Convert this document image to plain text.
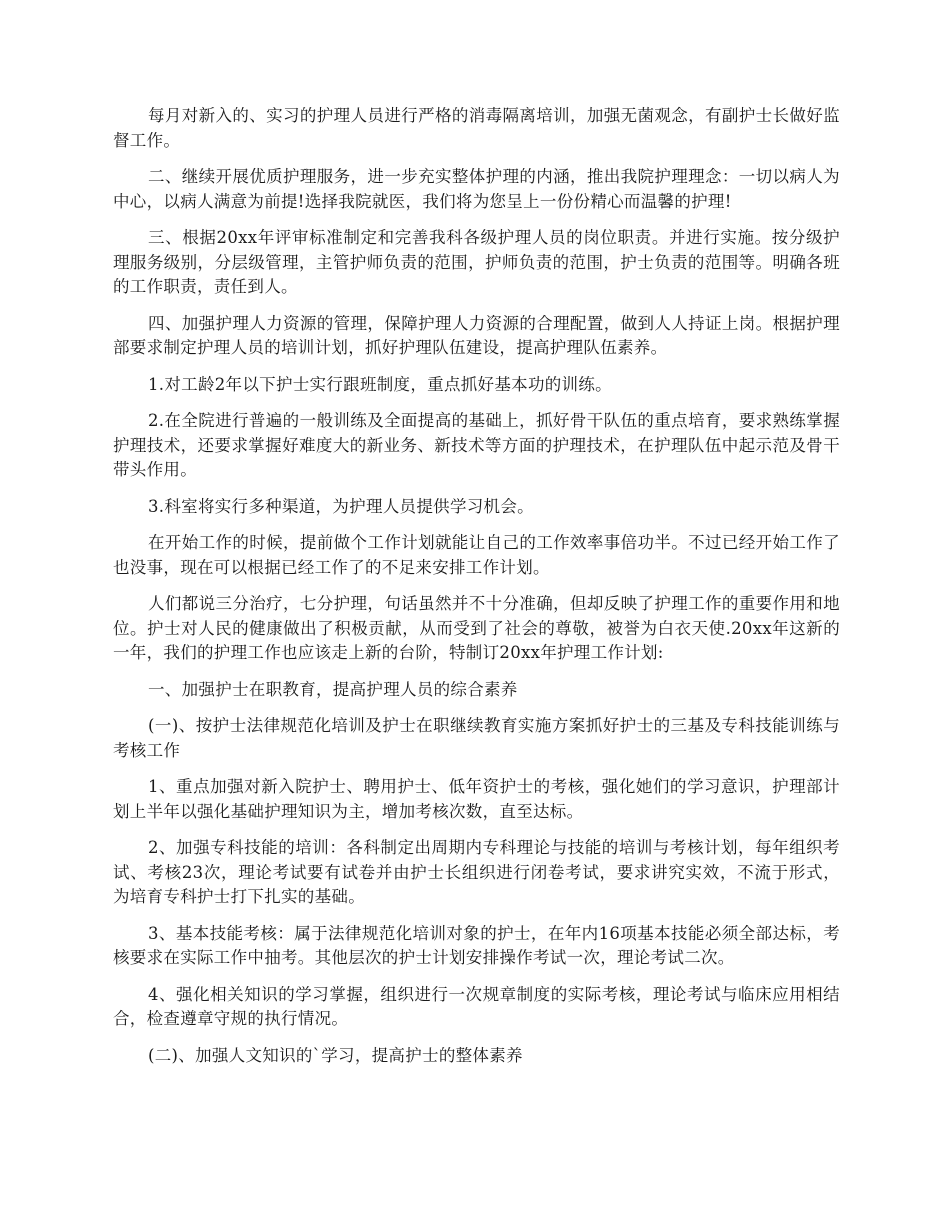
每月对新入的、实习的护理人员进行严格的消毒隔离培训，加强无菌观念，有副护士长做好监督工作。

二、继续开展优质护理服务，进一步充实整体护理的内涵，推出我院护理理念：一切以病人为中心，以病人满意为前提!选择我院就医，我们将为您呈上一份份精心而温馨的护理!

三、根据20xx年评审标准制定和完善我科各级护理人员的岗位职责。并进行实施。按分级护理服务级别，分层级管理，主管护师负责的范围，护师负责的范围，护士负责的范围等。明确各班的工作职责，责任到人。

四、加强护理人力资源的管理，保障护理人力资源的合理配置，做到人人持证上岗。根据护理部要求制定护理人员的培训计划，抓好护理队伍建设，提高护理队伍素养。

1.对工龄2年以下护士实行跟班制度，重点抓好基本功的训练。

2.在全院进行普遍的一般训练及全面提高的基础上，抓好骨干队伍的重点培育，要求熟练掌握护理技术，还要求掌握好难度大的新业务、新技术等方面的护理技术，在护理队伍中起示范及骨干带头作用。

3.科室将实行多种渠道，为护理人员提供学习机会。

在开始工作的时候，提前做个工作计划就能让自己的工作效率事倍功半。不过已经开始工作了也没事，现在可以根据已经工作了的不足来安排工作计划。

人们都说三分治疗，七分护理，句话虽然并不十分准确，但却反映了护理工作的重要作用和地位。护士对人民的健康做出了积极贡献，从而受到了社会的尊敬，被誉为白衣天使.20xx年这新的一年，我们的护理工作也应该走上新的台阶，特制订20xx年护理工作计划:

一、加强护士在职教育，提高护理人员的综合素养

(一)、按护士法律规范化培训及护士在职继续教育实施方案抓好护士的三基及专科技能训练与考核工作

1、重点加强对新入院护士、聘用护士、低年资护士的考核，强化她们的学习意识，护理部计划上半年以强化基础护理知识为主，增加考核次数，直至达标。

2、加强专科技能的培训：各科制定出周期内专科理论与技能的培训与考核计划，每年组织考试、考核23次，理论考试要有试卷并由护士长组织进行闭卷考试，要求讲究实效，不流于形式，为培育专科护士打下扎实的基础。

3、基本技能考核：属于法律规范化培训对象的护士，在年内16项基本技能必须全部达标，考核要求在实际工作中抽考。其他层次的护士计划安排操作考试一次，理论考试二次。

4、强化相关知识的学习掌握，组织进行一次规章制度的实际考核，理论考试与临床应用相结合，检查遵章守规的执行情况。

(二)、加强人文知识的`学习，提高护士的整体素养
